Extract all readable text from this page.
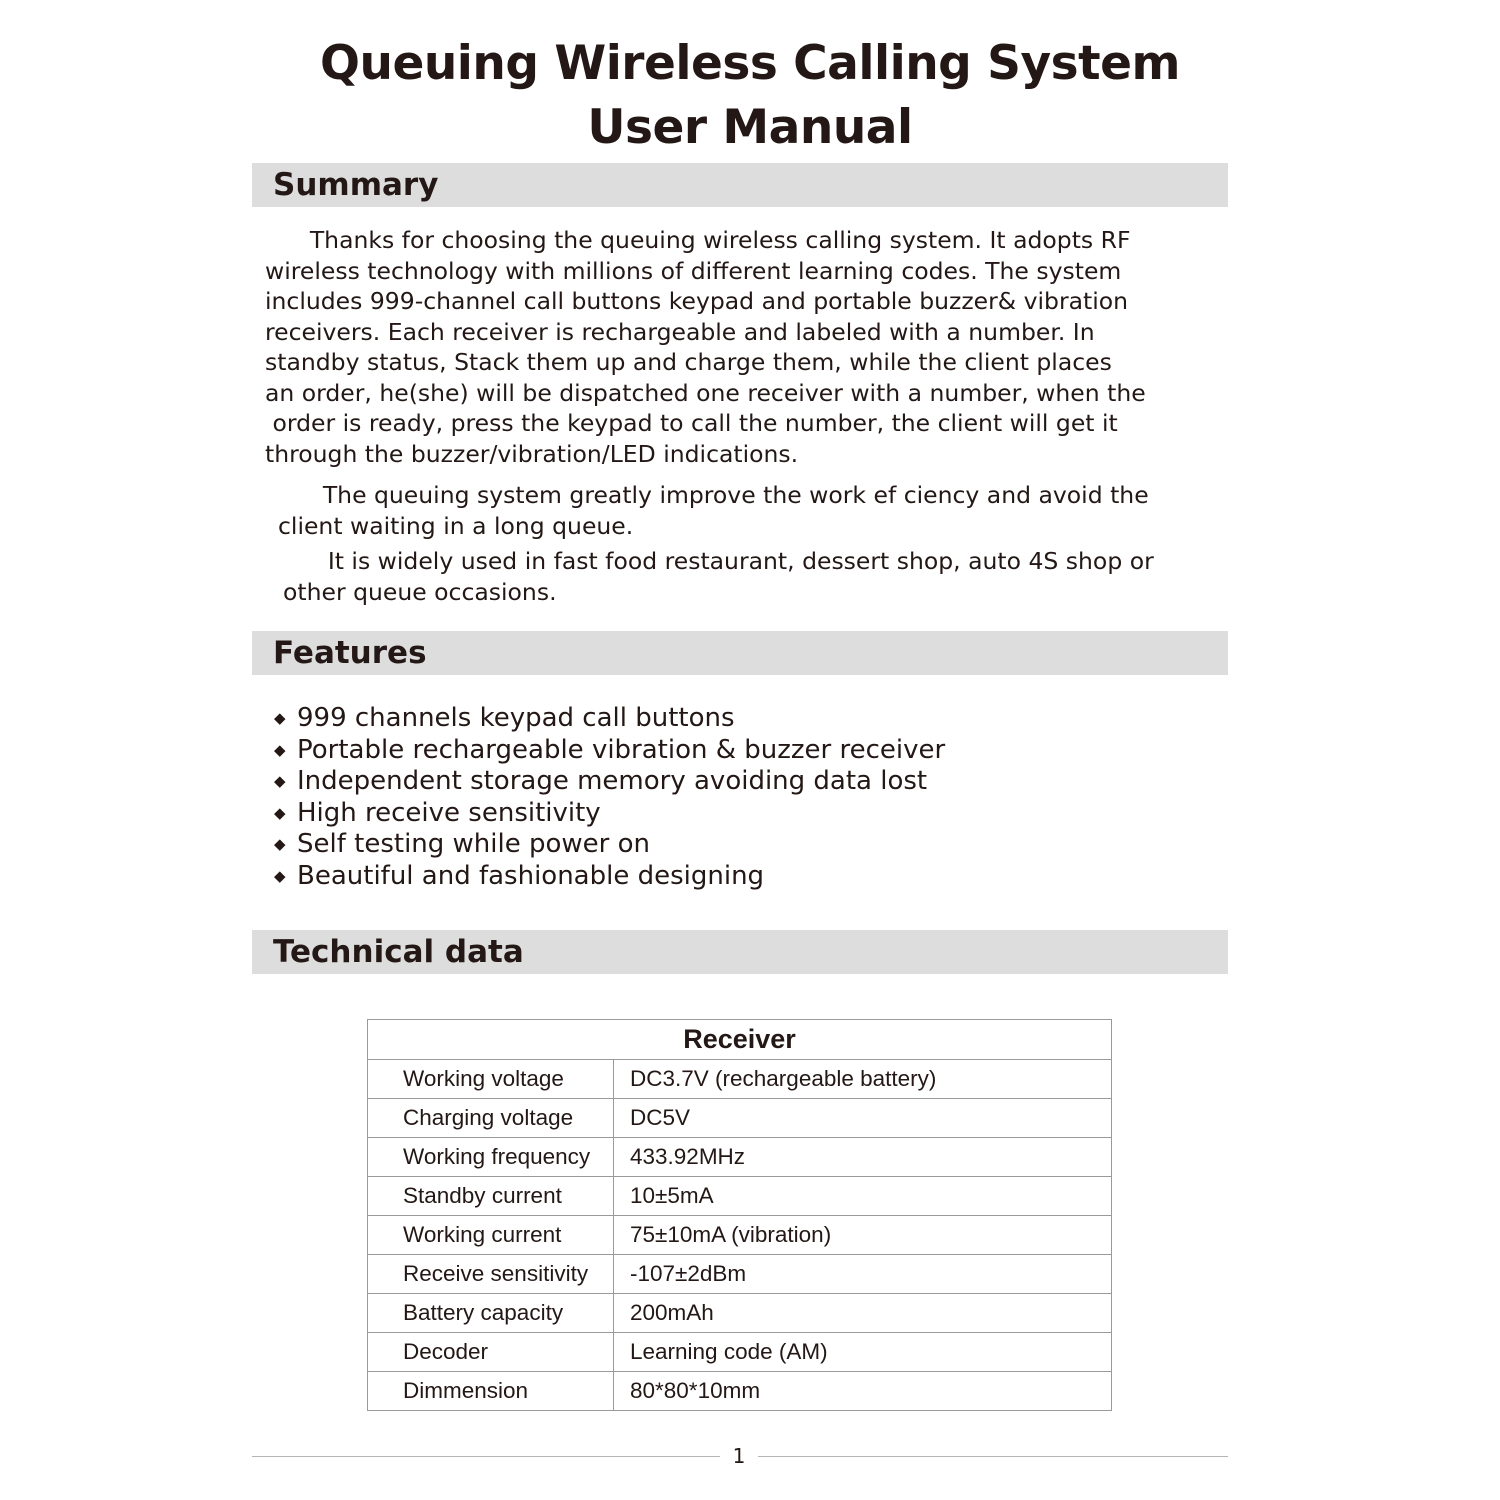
Queuing Wireless Calling System
User Manual
Summary

Thanks for choosing the queuing wireless calling system. It adopts RF
wireless technology with millions of different learning codes. The system
includes 999-channel call buttons keypad and portable buzzer& vibration
receivers. Each receiver is rechargeable and labeled with a number. In
standby status, Stack them up and charge them, while the client places
an order, he(she) will be dispatched one receiver with a number, when the
order is ready, press the keypad to call the number, the client will get it
through the buzzer/vibration/LED indications.

The queuing system greatly improve the work ef ciency and avoid the
client waiting in a long queue.

It is widely used in fast food restaurant, dessert shop, auto 4S shop or
other queue occasions.

Features
◆ 999 channels keypad call buttons
◆ Portable rechargeable vibration & buzzer receiver
◆ Independent storage memory avoiding data lost
◆ High receive sensitivity
◆ Self testing while power on
◆ Beautiful and fashionable designing
Technical data
Receiver	
Working voltage	DC3.7V (rechargeable battery)
Charging voltage	DC5V
Working frequency	433.92MHz
Standby current	10±5mA
Working current	75±10mA (vibration)
Receive sensitivity	-107±2dBm
Battery capacity	200mAh
Decoder	Learning code (AM)
Dimmension	80*80*10mm
1
